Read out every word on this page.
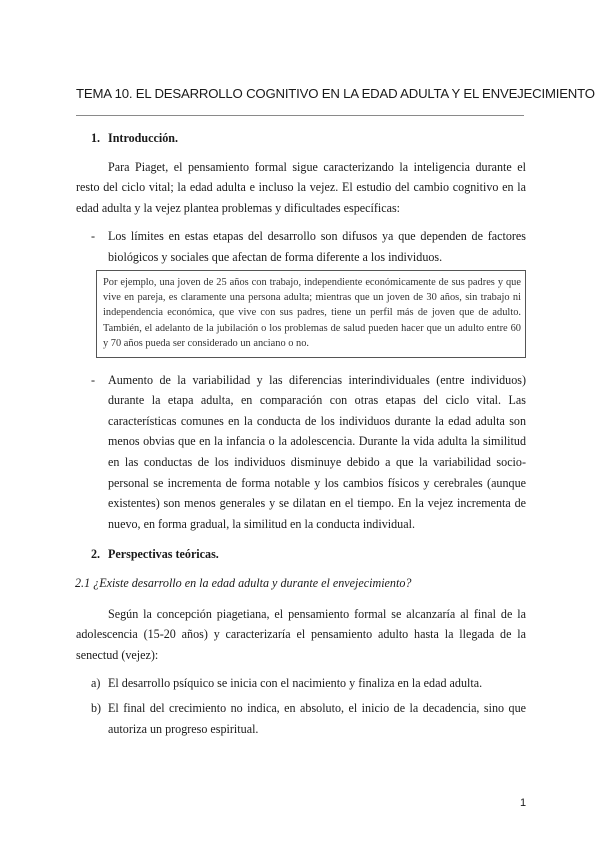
TEMA 10. EL DESARROLLO COGNITIVO EN LA EDAD ADULTA Y EL ENVEJECIMIENTO
1. Introducción.

Para Piaget, el pensamiento formal sigue caracterizando la inteligencia durante el resto del ciclo vital; la edad adulta e incluso la vejez. El estudio del cambio cognitivo en la edad adulta y la vejez plantea problemas y dificultades específicas:

-	Los límites en estas etapas del desarrollo son difusos ya que dependen de factores biológicos y sociales que afectan de forma diferente a los individuos.
Por ejemplo, una joven de 25 años con trabajo, independiente económicamente de sus padres y que vive en pareja, es claramente una persona adulta; mientras que un joven de 30 años, sin trabajo ni independencia económica, que vive con sus padres, tiene un perfil más de joven que de adulto. También, el adelanto de la jubilación o los problemas de salud pueden hacer que un adulto entre 60 y 70 años pueda ser considerado un anciano o no.
-	Aumento de la variabilidad y las diferencias interindividuales (entre individuos) durante la etapa adulta, en comparación con otras etapas del ciclo vital. Las características comunes en la conducta de los individuos durante la edad adulta son menos obvias que en la infancia o la adolescencia. Durante la vida adulta la similitud en las conductas de los individuos disminuye debido a que la variabilidad socio-personal se incrementa de forma notable y los cambios físicos y cerebrales (aunque existentes) son menos generales y se dilatan en el tiempo. En la vejez incrementa de nuevo, en forma gradual, la similitud en la conducta individual.
2. Perspectivas teóricas.
2.1 ¿Existe desarrollo en la edad adulta y durante el envejecimiento?

Según la concepción piagetiana, el pensamiento formal se alcanzaría al final de la adolescencia (15-20 años) y caracterizaría el pensamiento adulto hasta la llegada de la senectud (vejez):

a) El desarrollo psíquico se inicia con el nacimiento y finaliza en la edad adulta.
b) El final del crecimiento no indica, en absoluto, el inicio de la decadencia, sino que autoriza un progreso espiritual.
1
